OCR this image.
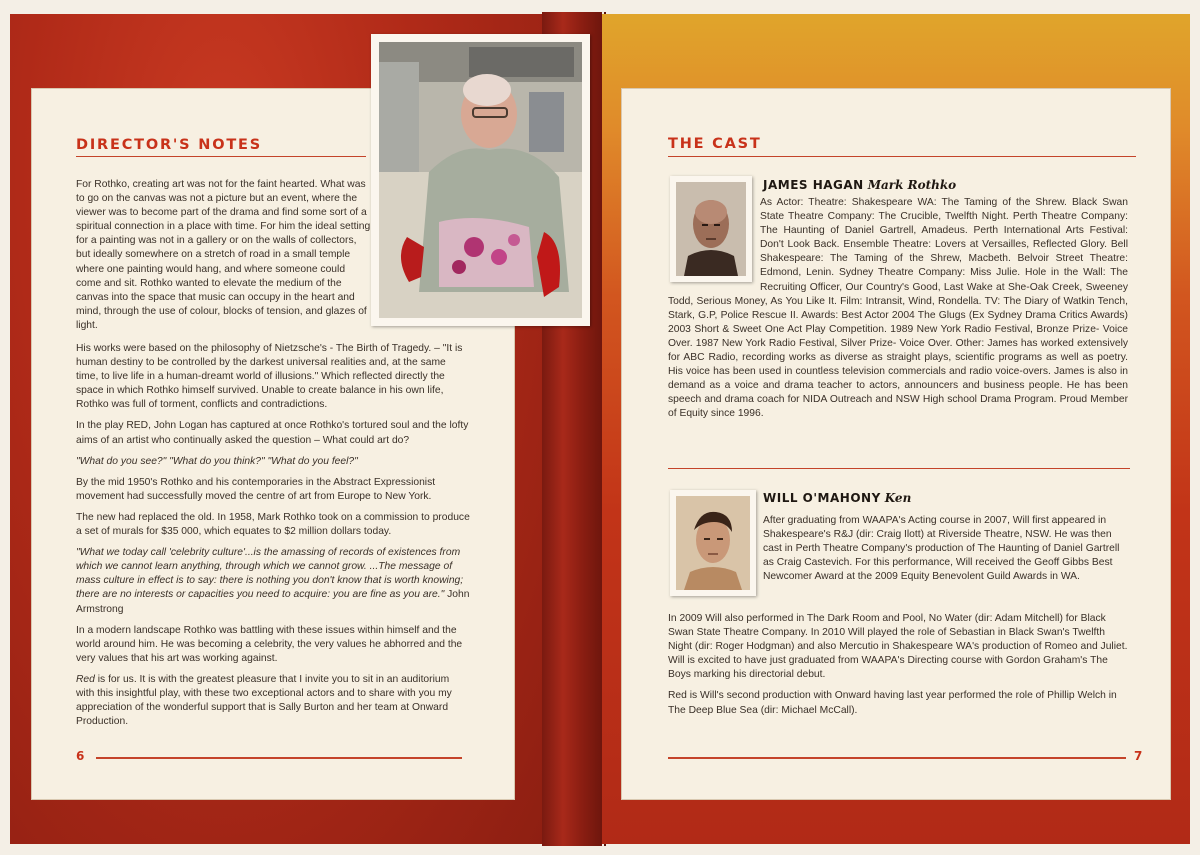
DIRECTOR'S NOTES

For Rothko, creating art was not for the faint hearted. What was to go on the canvas was not a picture but an event, where the viewer was to become part of the drama and find some sort of a spiritual connection in a place with time. For him the ideal setting for a painting was not in a gallery or on the walls of collectors, but ideally somewhere on a stretch of road in a small temple where one painting would hang, and where someone could come and sit. Rothko wanted to elevate the medium of the canvas into the space that music can occupy in the heart and mind, through the use of colour, blocks of tension, and glazes of light.

His works were based on the philosophy of Nietzsche's - The Birth of Tragedy. – "It is human destiny to be controlled by the darkest universal realities and, at the same time, to live life in a human-dreamt world of illusions." Which reflected directly the space in which Rothko himself survived. Unable to create balance in his own life, Rothko was full of torment, conflicts and contradictions.

In the play RED, John Logan has captured at once Rothko's tortured soul and the lofty aims of an artist who continually asked the question – What could art do?

"What do you see?" "What do you think?" "What do you feel?"

By the mid 1950's Rothko and his contemporaries in the Abstract Expressionist movement had successfully moved the centre of art from Europe to New York.

The new had replaced the old. In 1958, Mark Rothko took on a commission to produce a set of murals for $35 000, which equates to $2 million dollars today.

"What we today call 'celebrity culture'...is the amassing of records of existences from which we cannot learn anything, through which we cannot grow. ...The message of mass culture in effect is to say: there is nothing you don't know that is worth knowing; there are no interests or capacities you need to acquire: you are fine as you are." John Armstrong

In a modern landscape Rothko was battling with these issues within himself and the world around him. He was becoming a celebrity, the very values he abhorred and the very values that his art was working against.

Red is for us. It is with the greatest pleasure that I invite you to sit in an auditorium with this insightful play, with these two exceptional actors and to share with you my appreciation of the wonderful support that is Sally Burton and her team at Onward Production.

6
THE CAST
JAMES HAGAN Mark Rothko

As Actor: Theatre: Shakespeare WA: The Taming of the Shrew. Black Swan State Theatre Company: The Crucible, Twelfth Night. Perth Theatre Company: The Haunting of Daniel Gartrell, Amadeus. Perth International Arts Festival: Don't Look Back. Ensemble Theatre: Lovers at Versailles, Reflected Glory. Bell Shakespeare: The Taming of the Shrew, Macbeth. Belvoir Street Theatre: Edmond, Lenin. Sydney Theatre Company: Miss Julie. Hole in the Wall: The Recruiting Officer, Our Country's Good, Last Wake at She-Oak Creek, Sweeney Todd, Serious Money, As You Like It. Film: Intransit, Wind, Rondella. TV: The Diary of Watkin Tench, Stark, G.P, Police Rescue II. Awards: Best Actor 2004 The Glugs (Ex Sydney Drama Critics Awards) 2003 Short & Sweet One Act Play Competition. 1989 New York Radio Festival, Bronze Prize- Voice Over. 1987 New York Radio Festival, Silver Prize- Voice Over. Other: James has worked extensively for ABC Radio, recording works as diverse as straight plays, scientific programs as well as poetry. His voice has been used in countless television commercials and radio voice-overs. James is also in demand as a voice and drama teacher to actors, announcers and business people. He has been speech and drama coach for NIDA Outreach and NSW High school Drama Program. Proud Member of Equity since 1996.

WILL O'MAHONY Ken

After graduating from WAAPA's Acting course in 2007, Will first appeared in Shakespeare's R&J (dir: Craig Ilott) at Riverside Theatre, NSW. He was then cast in Perth Theatre Company's production of The Haunting of Daniel Gartrell as Craig Castevich. For this performance, Will received the Geoff Gibbs Best Newcomer Award at the 2009 Equity Benevolent Guild Awards in WA.

In 2009 Will also performed in The Dark Room and Pool, No Water (dir: Adam Mitchell) for Black Swan State Theatre Company. In 2010 Will played the role of Sebastian in Black Swan's Twelfth Night (dir: Roger Hodgman) and also Mercutio in Shakespeare WA's production of Romeo and Juliet. Will is excited to have just graduated from WAAPA's Directing course with Gordon Graham's The Boys marking his directorial debut.

Red is Will's second production with Onward having last year performed the role of Phillip Welch in The Deep Blue Sea (dir: Michael McCall).

7
